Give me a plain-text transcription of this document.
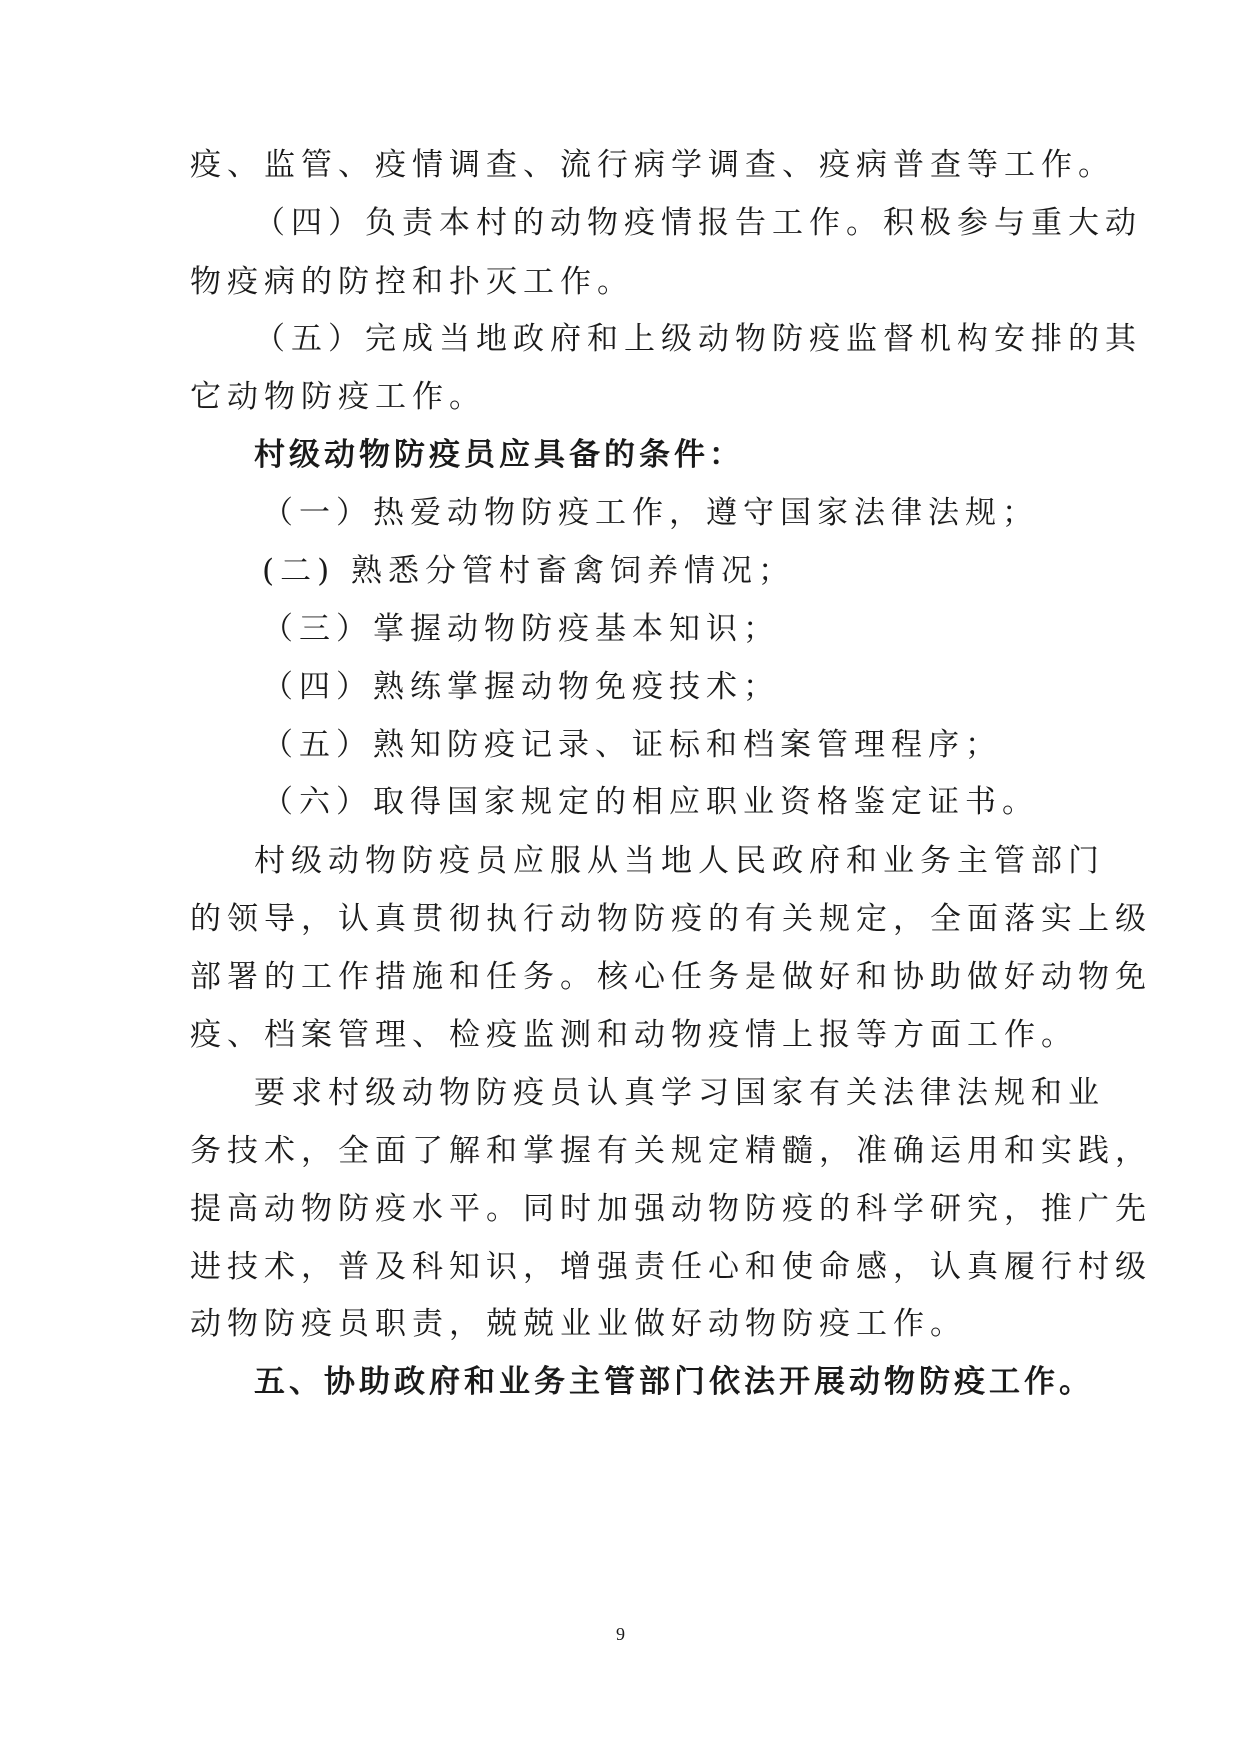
疫、监管、疫情调查、流行病学调查、疫病普查等工作。
（四）负责本村的动物疫情报告工作。积极参与重大动
物疫病的防控和扑灭工作。
（五）完成当地政府和上级动物防疫监督机构安排的其
它动物防疫工作。
村级动物防疫员应具备的条件：
（一）热爱动物防疫工作，遵守国家法律法规；
(二) 熟悉分管村畜禽饲养情况；
（三）掌握动物防疫基本知识；
（四）熟练掌握动物免疫技术；
（五）熟知防疫记录、证标和档案管理程序；
（六）取得国家规定的相应职业资格鉴定证书。
村级动物防疫员应服从当地人民政府和业务主管部门
的领导，认真贯彻执行动物防疫的有关规定，全面落实上级
部署的工作措施和任务。核心任务是做好和协助做好动物免
疫、档案管理、检疫监测和动物疫情上报等方面工作。
要求村级动物防疫员认真学习国家有关法律法规和业
务技术，全面了解和掌握有关规定精髓，准确运用和实践，
提高动物防疫水平。同时加强动物防疫的科学研究，推广先
进技术，普及科知识，增强责任心和使命感，认真履行村级
动物防疫员职责，兢兢业业做好动物防疫工作。
五、协助政府和业务主管部门依法开展动物防疫工作。
9
